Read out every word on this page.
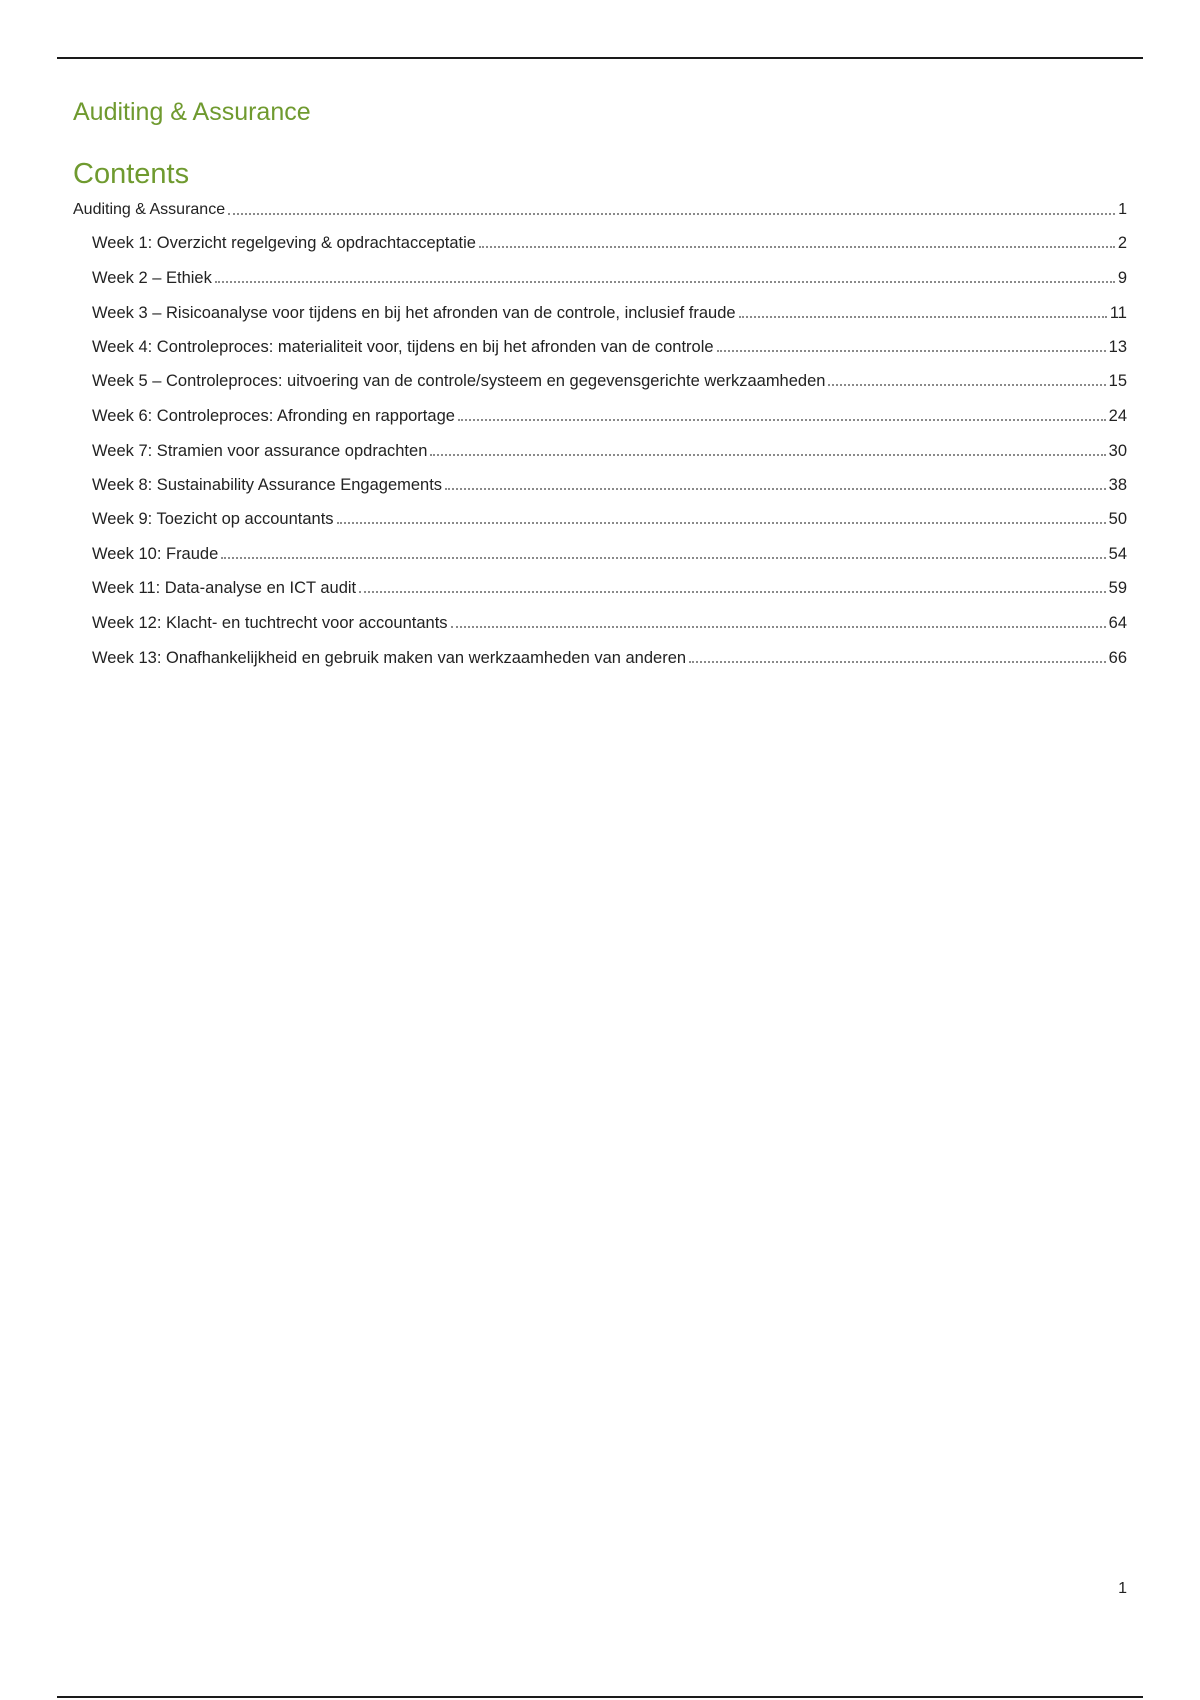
Auditing & Assurance
Contents
Auditing & Assurance	1
Week 1: Overzicht regelgeving & opdrachtacceptatie	2
Week 2 – Ethiek	9
Week 3 – Risicoanalyse voor tijdens en bij het afronden van de controle, inclusief fraude	11
Week 4: Controleproces: materialiteit voor, tijdens en bij het afronden van de controle	13
Week 5 – Controleproces: uitvoering van de controle/systeem en gegevensgerichte werkzaamheden	15
Week 6: Controleproces: Afronding en rapportage	24
Week 7: Stramien voor assurance opdrachten	30
Week 8: Sustainability Assurance Engagements	38
Week 9: Toezicht op accountants	50
Week 10: Fraude	54
Week 11: Data-analyse en ICT audit	59
Week 12: Klacht- en tuchtrecht voor accountants	64
Week 13: Onafhankelijkheid en gebruik maken van werkzaamheden van anderen	66
1
